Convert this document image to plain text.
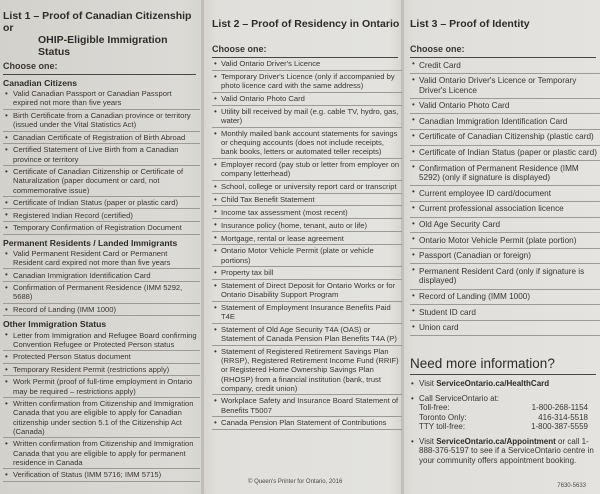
List 1 – Proof of Canadian Citizenship or
OHIP-Eligible Immigration Status
Choose one:
Canadian Citizens
• Valid Canadian Passport or Canadian Passport expired not more than five years
• Birth Certificate from a Canadian province or territory (issued under the Vital Statistics Act)
• Canadian Certificate of Registration of Birth Abroad
• Certified Statement of Live Birth from a Canadian province or territory
• Certificate of Canadian Citizenship or Certificate of Naturalization (paper document or card, not commemorative issue)
• Certificate of Indian Status (paper or plastic card)
• Registered Indian Record (certified)
• Temporary Confirmation of Registration Document
Permanent Residents / Landed Immigrants
• Valid Permanent Resident Card or Permanent Resident card expired not more than five years
• Canadian Immigration Identification Card
• Confirmation of Permanent Residence (IMM 5292, 5688)
• Record of Landing (IMM 1000)
Other Immigration Status
• Letter from Immigration and Refugee Board confirming Convention Refugee or Protected Person status
• Protected Person Status document
• Temporary Resident Permit (restrictions apply)
• Work Permit (proof of full-time employment in Ontario may be required – restrictions apply)
• Written confirmation from Citizenship and Immigration Canada that you are eligible to apply for Canadian citizenship under section 5.1 of the Citizenship Act (Canada)
• Written confirmation from Citizenship and Immigration Canada that you are eligible to apply for permanent residence in Canada
• Verification of Status (IMM 5716; IMM 5715)
List 2 – Proof of Residency in Ontario
Choose one:
• Valid Ontario Driver's Licence
• Temporary Driver's Licence (only if accompanied by photo licence card with the same address)
• Valid Ontario Photo Card
• Utility bill received by mail (e.g. cable TV, hydro, gas, water)
• Monthly mailed bank account statements for savings or chequing accounts (does not include receipts, bank books, letters or automated teller receipts)
• Employer record (pay stub or letter from employer on company letterhead)
• School, college or university report card or transcript
• Child Tax Benefit Statement
• Income tax assessment (most recent)
• Insurance policy (home, tenant, auto or life)
• Mortgage, rental or lease agreement
• Ontario Motor Vehicle Permit (plate or vehicle portions)
• Property tax bill
• Statement of Direct Deposit for Ontario Works or for Ontario Disability Support Program
• Statement of Employment Insurance Benefits Paid T4E
• Statement of Old Age Security T4A (OAS) or Statement of Canada Pension Plan Benefits T4A (P)
• Statement of Registered Retirement Savings Plan (RRSP), Registered Retirement Income Fund (RRIF) or Registered Home Ownership Savings Plan (RHOSP) from a financial institution (bank, trust company, credit union)
• Workplace Safety and Insurance Board Statement of Benefits T5007
• Canada Pension Plan Statement of Contributions
© Queen's Printer for Ontario, 2016
List 3 – Proof of Identity
Choose one:
• Credit Card
• Valid Ontario Driver's Licence or Temporary Driver's Licence
• Valid Ontario Photo Card
• Canadian Immigration Identification Card
• Certificate of Canadian Citizenship (plastic card)
• Certificate of Indian Status (paper or plastic card)
• Confirmation of Permanent Residence (IMM 5292) (only if signature is displayed)
• Current employee ID card/document
• Current professional association licence
• Old Age Security Card
• Ontario Motor Vehicle Permit (plate portion)
• Passport (Canadian or foreign)
• Permanent Resident Card (only if signature is displayed)
• Record of Landing (IMM 1000)
• Student ID card
• Union card
Need more information?

• Visit ServiceOntario.ca/HealthCard

• Call ServiceOntario at:

Toll-free:	1-800-268-1154

Toronto Only:	416-314-5518

TTY toll-free:	1-800-387-5559

• Visit ServiceOntario.ca/Appointment or call 1-888-376-5197 to see if a ServiceOntario centre in your community offers appointment booking.

7630-5633
